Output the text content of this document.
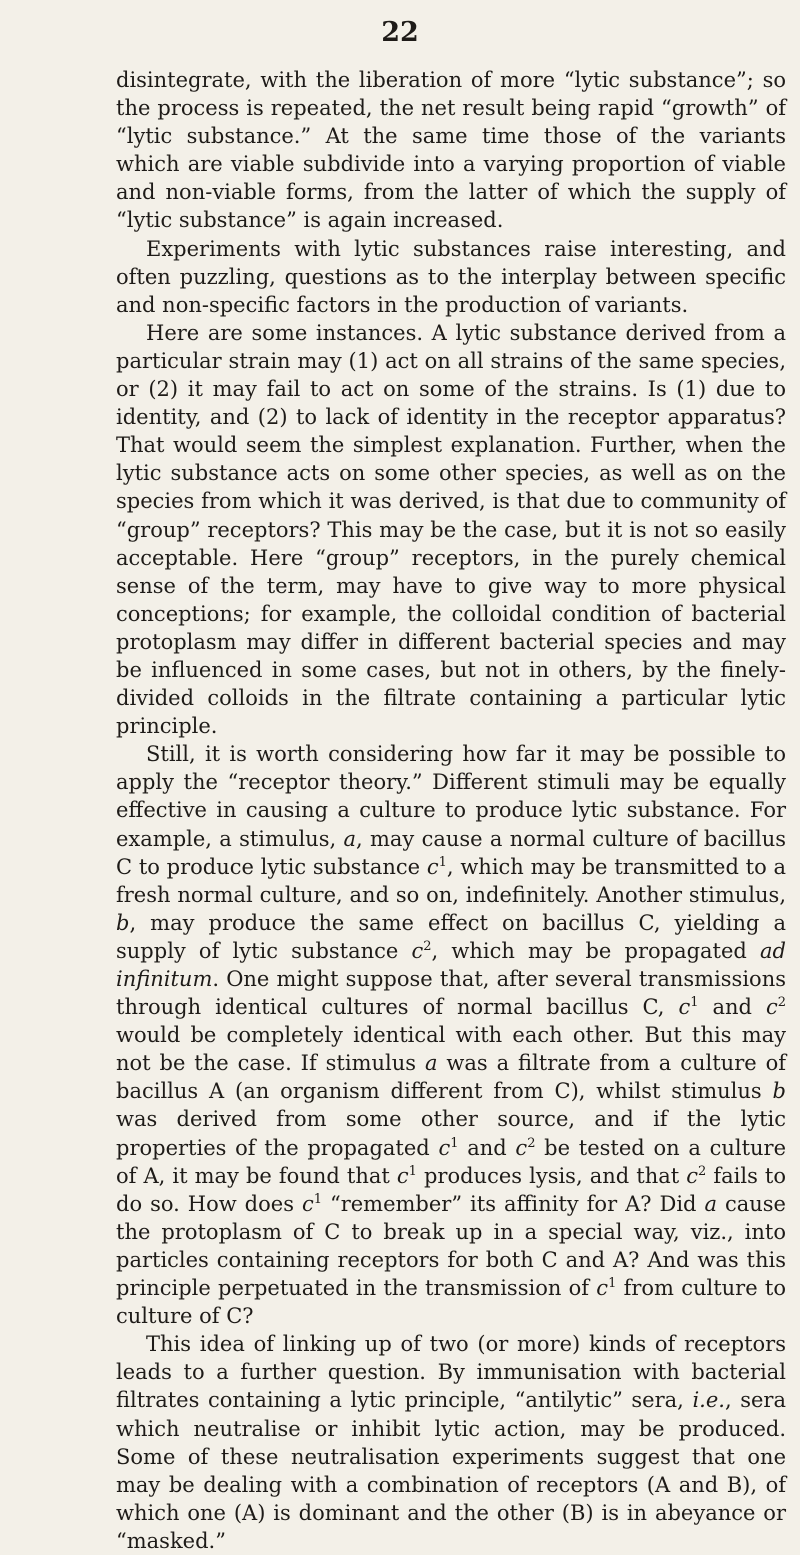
22

disintegrate, with the liberation of more “lytic substance”; so the process is repeated, the net result being rapid “growth” of “lytic substance.” At the same time those of the variants which are viable subdivide into a varying proportion of viable and non-viable forms, from the latter of which the supply of “lytic substance” is again increased.

Experiments with lytic substances raise interesting, and often puzzling, questions as to the interplay between specific and non-specific factors in the production of variants.

Here are some instances. A lytic substance derived from a particular strain may (1) act on all strains of the same species, or (2) it may fail to act on some of the strains. Is (1) due to identity, and (2) to lack of identity in the receptor apparatus? That would seem the simplest explanation. Further, when the lytic substance acts on some other species, as well as on the species from which it was derived, is that due to community of “group” receptors? This may be the case, but it is not so easily acceptable. Here “group” receptors, in the purely chemical sense of the term, may have to give way to more physical conceptions; for example, the colloidal condition of bacterial protoplasm may differ in different bacterial species and may be influenced in some cases, but not in others, by the finely-divided colloids in the filtrate containing a particular lytic principle.

Still, it is worth considering how far it may be possible to apply the “receptor theory.” Different stimuli may be equally effective in causing a culture to produce lytic substance. For example, a stimulus, a, may cause a normal culture of bacillus C to produce lytic substance $c^1$, which may be transmitted to a fresh normal culture, and so on, indefinitely. Another stimulus, b, may produce the same effect on bacillus C, yielding a supply of lytic substance $c^2$, which may be propagated ad infinitum. One might suppose that, after several transmissions through identical cultures of normal bacillus C, $c^1$ and $c^2$ would be completely identical with each other. But this may not be the case. If stimulus a was a filtrate from a culture of bacillus A (an organism different from C), whilst stimulus b was derived from some other source, and if the lytic properties of the propagated $c^1$ and $c^2$ be tested on a culture of A, it may be found that $c^1$ produces lysis, and that $c^2$ fails to do so. How does $c^1$ “remember” its affinity for A? Did a cause the protoplasm of C to break up in a special way, viz., into particles containing receptors for both C and A? And was this principle perpetuated in the transmission of $c^1$ from culture to culture of C?

This idea of linking up of two (or more) kinds of receptors leads to a further question. By immunisation with bacterial filtrates containing a lytic principle, “antilytic” sera, i.e., sera which neutralise or inhibit lytic action, may be produced. Some of these neutralisation experiments suggest that one may be dealing with a combination of receptors (A and B), of which one (A) is dominant and the other (B) is in abeyance or “masked.”
